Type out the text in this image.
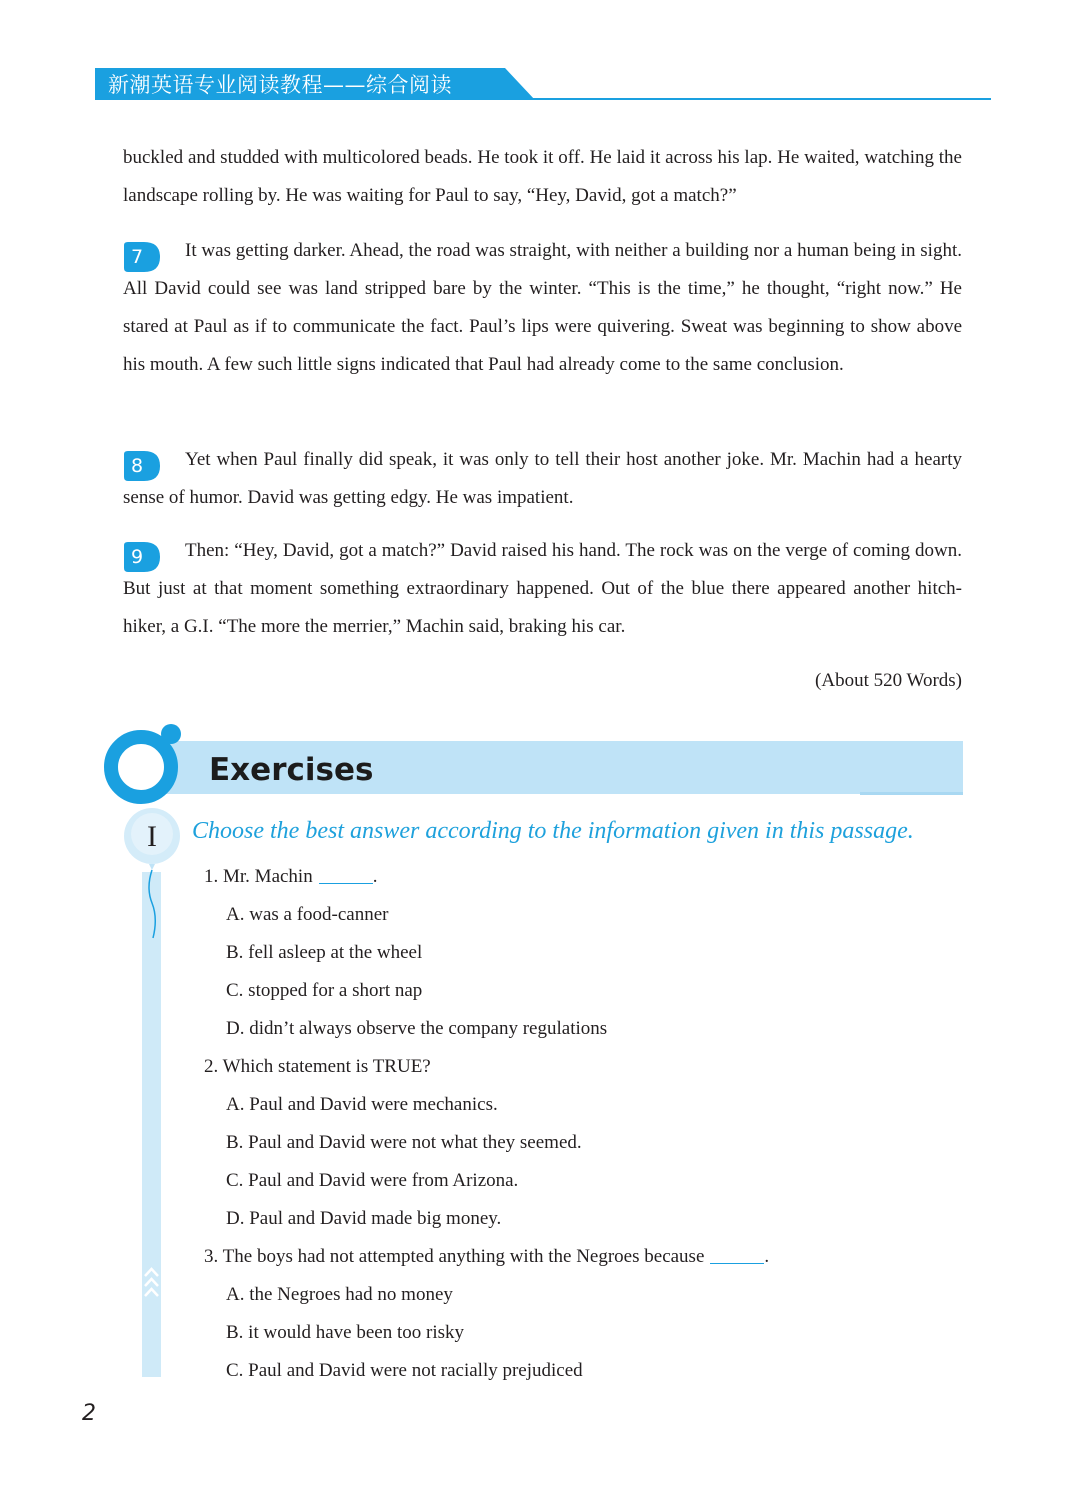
新潮英语专业阅读教程——综合阅读

buckled and studded with multicolored beads. He took it off. He laid it across his lap. He waited, watching the landscape rolling by. He was waiting for Paul to say, “Hey, David, got a match?”

7	It was getting darker. Ahead, the road was straight, with neither a building nor a human being in sight. All David could see was land stripped bare by the winter. “This is the time,” he thought, “right now.” He stared at Paul as if to communicate the fact. Paul’s lips were quivering. Sweat was beginning to show above his mouth. A few such little signs indicated that Paul had already come to the same conclusion.

8	Yet when Paul finally did speak, it was only to tell their host another joke. Mr. Machin had a hearty sense of humor. David was getting edgy. He was impatient.

9	Then: “Hey, David, got a match?” David raised his hand. The rock was on the verge of coming down. But just at that moment something extraordinary happened. Out of the blue there appeared another hitch-hiker, a G.I. “The more the merrier,” Machin said, braking his car.

(About 520 Words)
Exercises
I Choose the best answer according to the information given in this passage.
1. Mr. Machin	.
A. was a food-canner
B. fell asleep at the wheel
C. stopped for a short nap
D. didn’t always observe the company regulations
2. Which statement is TRUE?
A. Paul and David were mechanics.
B. Paul and David were not what they seemed.
C. Paul and David were from Arizona.
D. Paul and David made big money.
3. The boys had not attempted anything with the Negroes because	.
A. the Negroes had no money
B. it would have been too risky
C. Paul and David were not racially prejudiced
2
